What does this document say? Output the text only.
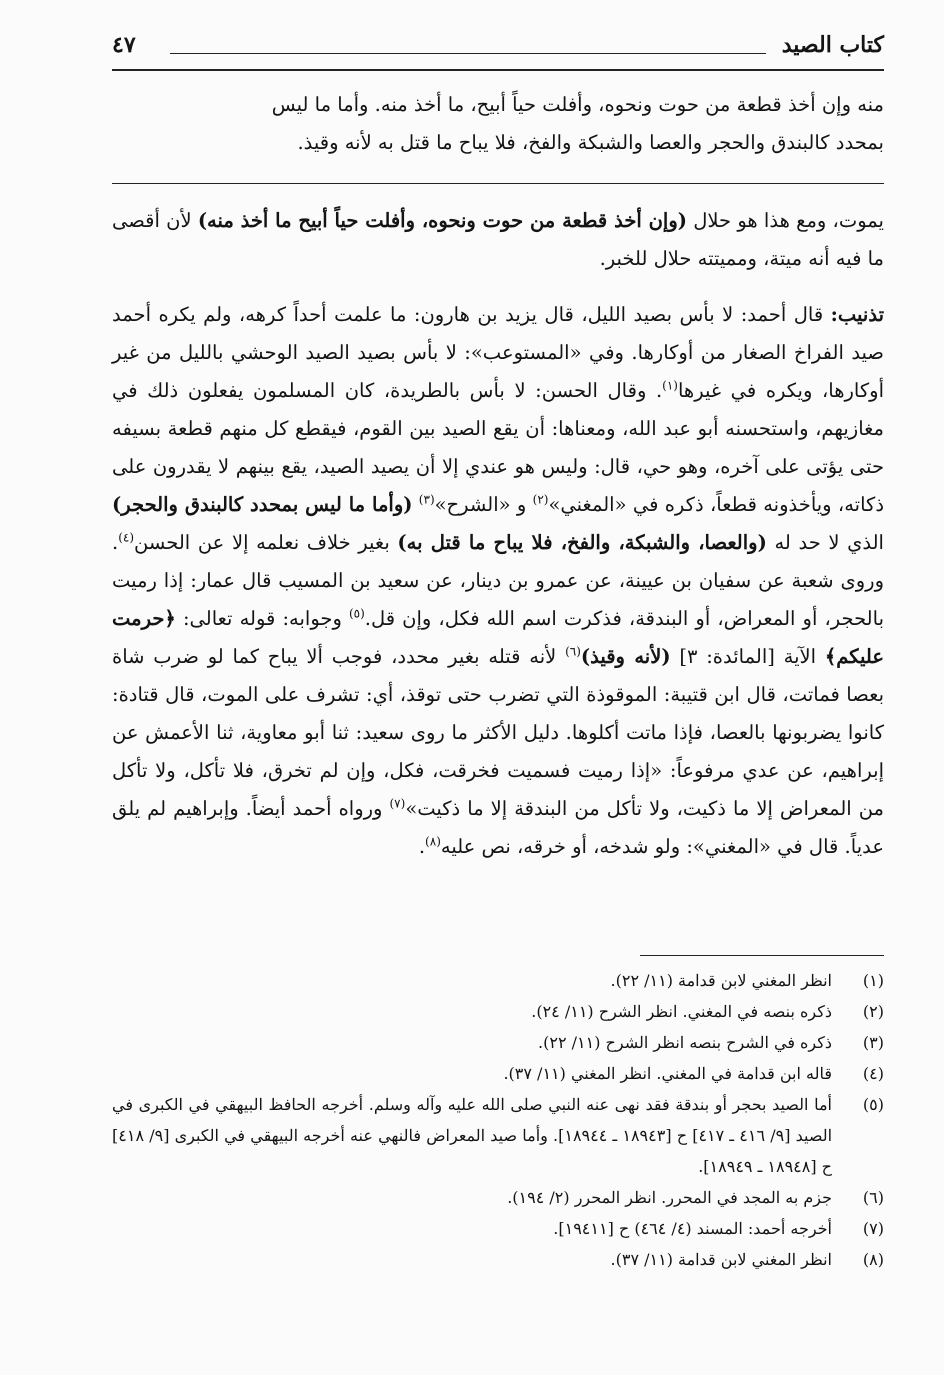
كتاب الصيد
٤٧

منه وإن أخذ قطعة من حوت ونحوه، وأفلت حياً أبيح، ما أخذ منه. وأما ما ليس
بمحدد كالبندق والحجر والعصا والشبكة والفخ، فلا يباح ما قتل به لأنه وقيذ.

يموت، ومع هذا هو حلال (وإن أخذ قطعة من حوت ونحوه، وأفلت حياً أبيح ما أخذ منه) لأن أقصى ما فيه أنه ميتة، ومميتته حلال للخبر.

تذنيب: قال أحمد: لا بأس بصيد الليل، قال يزيد بن هارون: ما علمت أحداً كرهه، ولم يكره أحمد صيد الفراخ الصغار من أوكارها. وفي «المستوعب»: لا بأس بصيد الصيد الوحشي بالليل من غير أوكارها، ويكره في غيرها$^{(١)}$. وقال الحسن: لا بأس بالطريدة، كان المسلمون يفعلون ذلك في مغازيهم، واستحسنه أبو عبد الله، ومعناها: أن يقع الصيد بين القوم، فيقطع كل منهم قطعة بسيفه حتى يؤتى على آخره، وهو حي، قال: وليس هو عندي إلا أن يصيد الصيد، يقع بينهم لا يقدرون على ذكاته، ويأخذونه قطعاً، ذكره في «المغني»$^{(٢)}$ و «الشرح»$^{(٣)}$ (وأما ما ليس بمحدد كالبندق والحجر) الذي لا حد له (والعصا، والشبكة، والفخ، فلا يباح ما قتل به) بغير خلاف نعلمه إلا عن الحسن$^{(٤)}$. وروى شعبة عن سفيان بن عيينة، عن عمرو بن دينار، عن سعيد بن المسيب قال عمار: إذا رميت بالحجر، أو المعراض، أو البندقة، فذكرت اسم الله فكل، وإن قل.$^{(٥)}$ وجوابه: قوله تعالى: ﴿حرمت عليكم﴾ الآية [المائدة: ٣] (لأنه وقيذ)$^{(٦)}$ لأنه قتله بغير محدد، فوجب ألا يباح كما لو ضرب شاة بعصا فماتت، قال ابن قتيبة: الموقوذة التي تضرب حتى توقذ، أي: تشرف على الموت، قال قتادة: كانوا يضربونها بالعصا، فإذا ماتت أكلوها. دليل الأكثر ما روى سعيد: ثنا أبو معاوية، ثنا الأعمش عن إبراهيم، عن عدي مرفوعاً: «إذا رميت فسميت فخرقت، فكل، وإن لم تخرق، فلا تأكل، ولا تأكل من المعراض إلا ما ذكيت، ولا تأكل من البندقة إلا ما ذكيت»$^{(٧)}$ ورواه أحمد أيضاً. وإبراهيم لم يلق عدياً. قال في «المغني»: ولو شدخه، أو خرقه، نص عليه$^{(٨)}$.

(١)
انظر المغني لابن قدامة (١١/ ٢٢).
(٢)
ذكره بنصه في المغني. انظر الشرح (١١/ ٢٤).
(٣)
ذكره في الشرح بنصه انظر الشرح (١١/ ٢٢).
(٤)
قاله ابن قدامة في المغني. انظر المغني (١١/ ٣٧).
(٥)
أما الصيد بحجر أو بندقة فقد نهى عنه النبي صلى الله عليه وآله وسلم. أخرجه الحافظ البيهقي في الكبرى في الصيد [٩/ ٤١٦ ـ ٤١٧] ح [١٨٩٤٣ ـ ١٨٩٤٤]. وأما صيد المعراض فالنهي عنه أخرجه البيهقي في الكبرى [٩/ ٤١٨] ح [١٨٩٤٨ ـ ١٨٩٤٩].
(٦)
جزم به المجد في المحرر. انظر المحرر (٢/ ١٩٤).
(٧)
أخرجه أحمد: المسند (٤/ ٤٦٤) ح [١٩٤١١].
(٨)
انظر المغني لابن قدامة (١١/ ٣٧).
